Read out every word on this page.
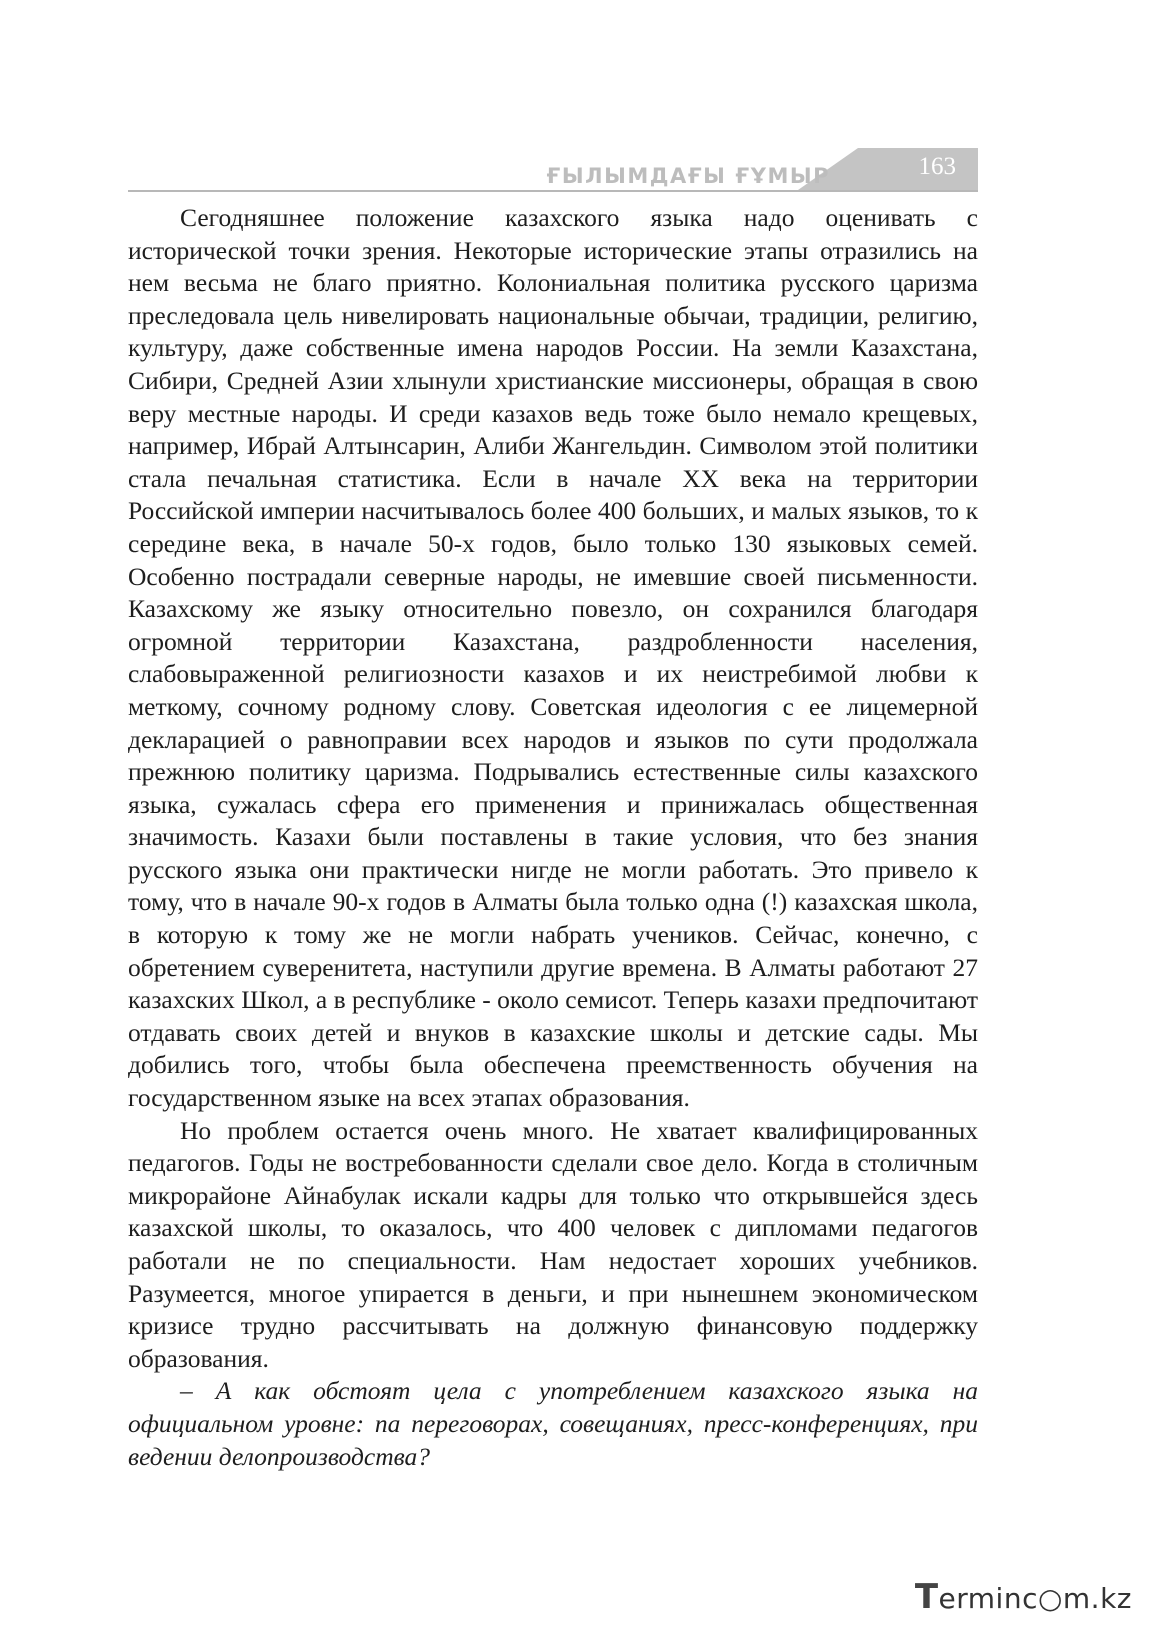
ҒЫЛЫМДАҒЫ ҒҰМЫР	163

Сегодняшнее положение казахского языка надо оценивать с исторической точки зрения. Некоторые исторические этапы отразились на нем весьма не благо приятно. Колониальная политика русского царизма преследовала цель нивелировать национальные обычаи, традиции, религию, культуру, даже собственные имена народов России. На земли Казахстана, Сибири, Средней Азии хлынули христианские миссионеры, обращая в свою веру местные народы. И среди казахов ведь тоже было немало крещевых, например, Ибрай Алтынсарин, Алиби Жангельдин. Символом этой политики стала печальная статистика. Если в начале XX века на территории Российской империи насчитывалось более 400 больших, и малых языков, то к середине века, в начале 50-х годов, было только 130 языковых семей. Особенно пострадали северные народы, не имевшие своей письменности. Казахскому же языку относительно повезло, он сохранился благодаря огромной территории Казахстана, раздробленности населения, слабовыраженной религиозности казахов и их неистребимой любви к меткому, сочному родному слову. Советская идеология с ее лицемерной декларацией о равноправии всех народов и языков по сути продолжала прежнюю политику царизма. Подрывались естественные силы казахского языка, сужалась сфера его применения и принижалась общественная значимость. Казахи были поставлены в такие условия, что без знания русского языка они практически нигде не могли работать. Это привело к тому, что в начале 90-х годов в Алматы была только одна (!) казахская школа, в которую к тому же не могли набрать учеников. Сейчас, конечно, с обретением суверенитета, наступили другие времена. В Алматы работают 27 казахских Школ, а в республике - около семисот. Теперь казахи предпочитают отдавать своих детей и внуков в казахские школы и детские сады. Мы добились того, чтобы была обеспечена преемственность обучения на государственном языке на всех этапах образования.

Но проблем остается очень много. Не хватает квалифицированных педагогов. Годы не востребованности сделали свое дело. Когда в столичным микрорайоне Айнабулак искали кадры для только что открывшейся здесь казахской школы, то оказалось, что 400 человек с дипломами педагогов работали не по специальности. Нам недостает хороших учебников. Разумеется, многое упирается в деньги, и при нынешнем экономическом кризисе трудно рассчитывать на должную финансовую поддержку образования.

– А как обстоят цела с употреблением казахского языка на официальном уровне: па переговорах, совещаниях, пресс-конференциях, при ведении делопроизводства?

Terminc○m.kz
